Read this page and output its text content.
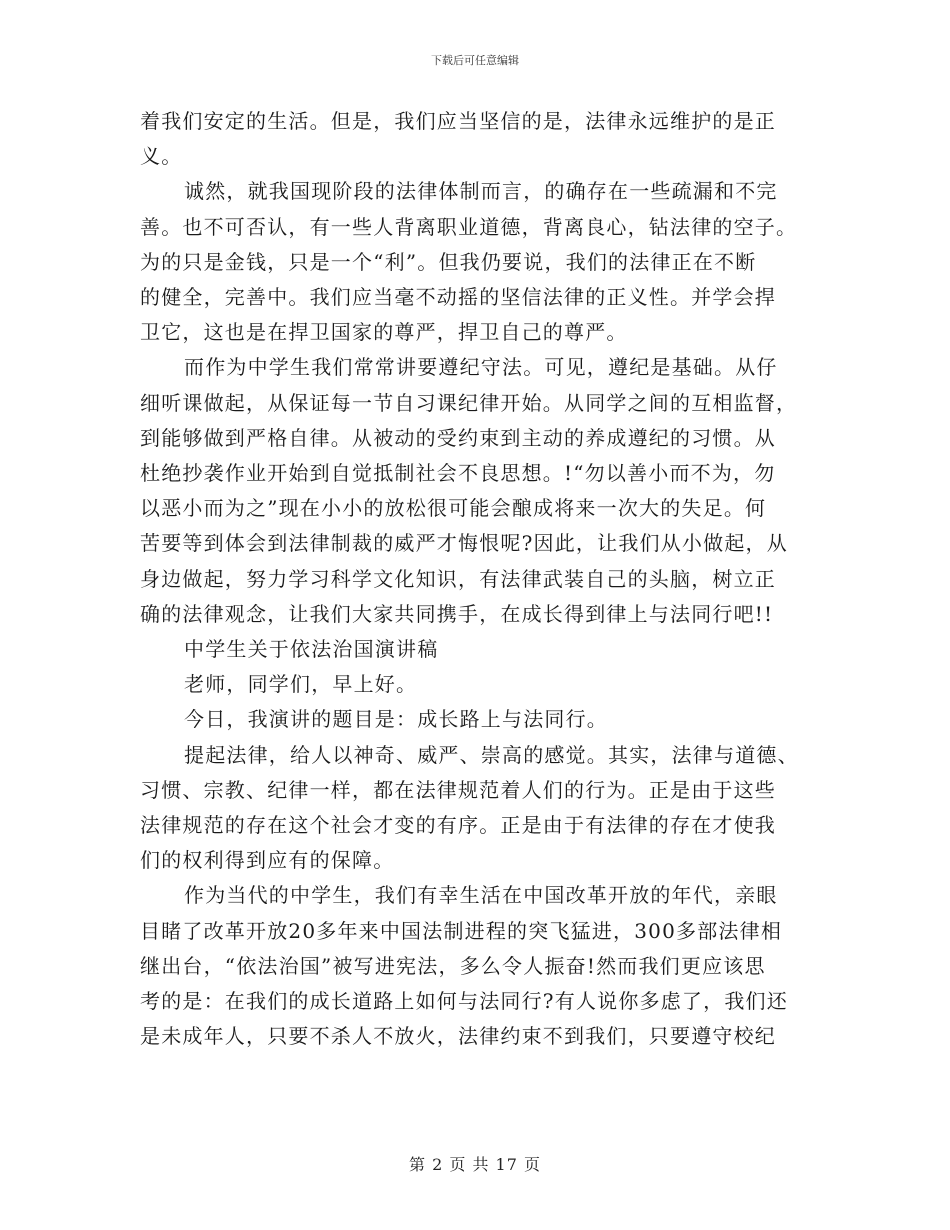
下载后可任意编辑

着我们安定的生活。但是，我们应当坚信的是，法律永远维护的是正

义。

诚然，就我国现阶段的法律体制而言，的确存在一些疏漏和不完

善。也不可否认，有一些人背离职业道德，背离良心，钻法律的空子。

为的只是金钱，只是一个“利”。但我仍要说，我们的法律正在不断

的健全，完善中。我们应当毫不动摇的坚信法律的正义性。并学会捍

卫它，这也是在捍卫国家的尊严，捍卫自己的尊严。

而作为中学生我们常常讲要遵纪守法。可见，遵纪是基础。从仔

细听课做起，从保证每一节自习课纪律开始。从同学之间的互相监督，

到能够做到严格自律。从被动的受约束到主动的养成遵纪的习惯。从

杜绝抄袭作业开始到自觉抵制社会不良思想。!“勿以善小而不为，勿

以恶小而为之”现在小小的放松很可能会酿成将来一次大的失足。何

苦要等到体会到法律制裁的威严才悔恨呢?因此，让我们从小做起，从

身边做起，努力学习科学文化知识，有法律武装自己的头脑，树立正

确的法律观念，让我们大家共同携手，在成长得到律上与法同行吧!!

中学生关于依法治国演讲稿

老师，同学们，早上好。

今日，我演讲的题目是：成长路上与法同行。

提起法律，给人以神奇、威严、崇高的感觉。其实，法律与道德、

习惯、宗教、纪律一样，都在法律规范着人们的行为。正是由于这些

法律规范的存在这个社会才变的有序。正是由于有法律的存在才使我

们的权利得到应有的保障。

作为当代的中学生，我们有幸生活在中国改革开放的年代，亲眼

目睹了改革开放20多年来中国法制进程的突飞猛进，300多部法律相

继出台，“依法治国”被写进宪法，多么令人振奋!然而我们更应该思

考的是：在我们的成长道路上如何与法同行?有人说你多虑了，我们还

是未成年人，只要不杀人不放火，法律约束不到我们，只要遵守校纪

第 2 页 共 17 页
